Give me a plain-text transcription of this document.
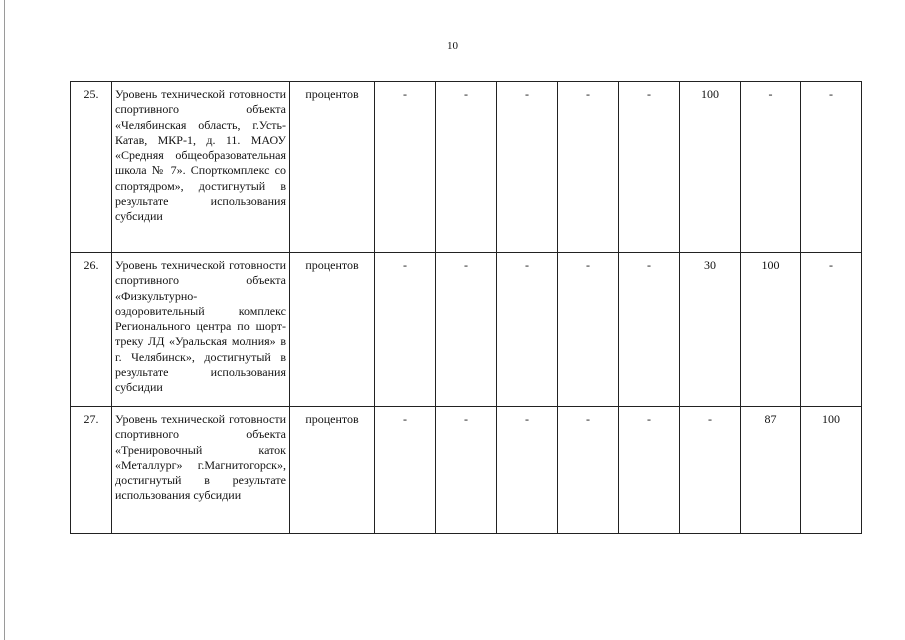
10
25.	Уровень технической готовности спортивного объекта «Челябинская область, г.Усть-Катав, МКР-1, д. 11. МАОУ «Средняя общеобразовательная школа № 7». Спорткомплекс со спортядром», достигнутый в результате использования субсидии	процентов	-	-	-	-	-	100	-	-
26.	Уровень технической готовности спортивного объекта «Физкультурно-оздоровительный комплекс Регионального центра по шорт-треку ЛД «Уральская молния» в г. Челябинск», достигнутый в результате использования субсидии	процентов	-	-	-	-	-	30	100	-
27.	Уровень технической готовности спортивного объекта «Тренировочный каток «Металлург» г.Магнитогорск», достигнутый в результате использования субсидии	процентов	-	-	-	-	-	-	87	100
